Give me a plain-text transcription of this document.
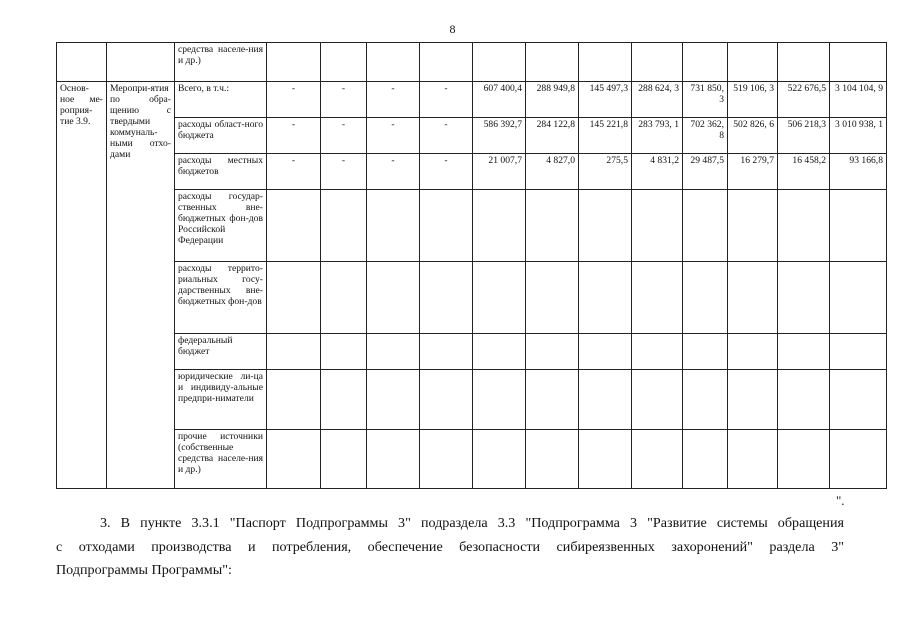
8
		средства населе-ния и др.)												
Основ-ное ме-роприя-тие 3.9.	Меропри-ятия по обра-щению с твердыми коммуналь-ными отхо-дами	Всего, в т.ч.:	-	-	-	-	607 400,4	288 949,8	145 497,3	288 624, 3	731 850, 3	519 106, 3	522 676,5	3 104 104, 9
		расходы област-ного бюджета	-	-	-	-	586 392,7	284 122,8	145 221,8	283 793, 1	702 362, 8	502 826, 6	506 218,3	3 010 938, 1
		расходы местных бюджетов	-	-	-	-	21 007,7	4 827,0	275,5	4 831,2	29 487,5	16 279,7	16 458,2	93 166,8
		расходы государ-ственных вне-бюджетных фон-дов Российской Федерации												
		расходы террито-риальных госу-дарственных вне-бюджетных фон-дов												
		федеральный бюджет												
		юридические ли-ца и индивиду-альные предпри-ниматели												
		прочие источники (собственные средства населе-ния и др.)												
".
3. В пункте 3.3.1 "Паспорт Подпрограммы 3" подраздела 3.3 "Подпрограмма 3 "Развитие системы обращения
с отходами производства и потребления, обеспечение безопасности сибиреязвенных захоронений" раздела 3"
Подпрограммы Программы":
